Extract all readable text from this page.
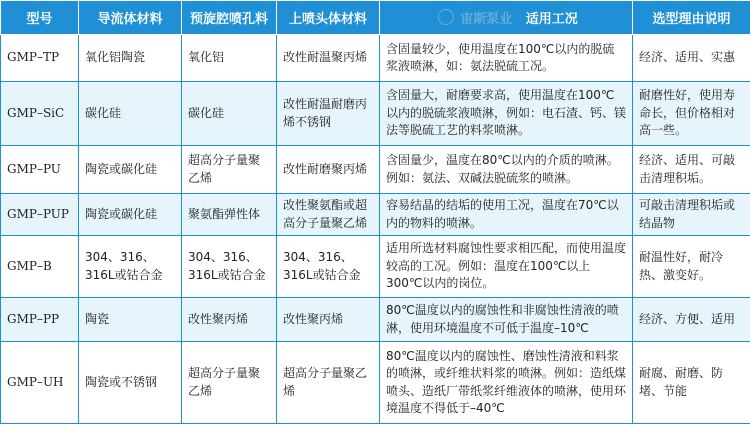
型号	导流体材料	预旋腔喷孔料	上喷头体材料	宙斯泵业 适用工况	选型理由说明
GMP–TP	氧化铝陶瓷	氧化铝	改性耐温聚丙烯	含固量较少，使用温度在100℃以内的脱硫浆液喷淋，如：氨法脱硫工况。	经济、适用、实惠
GMP–SiC	碳化硅	碳化硅	改性耐温耐磨丙烯不锈钢	含固量大，耐磨要求高，使用温度在100℃以内的脱硫浆液喷淋，例如：电石渣、钙、镁法等脱硫工艺的料浆喷淋。	耐磨性好，使用寿命长，但价格相对高一些。
GMP–PU	陶瓷或碳化硅	超高分子量聚乙烯	改性耐磨聚丙烯	含固量少，温度在80℃以内的介质的喷淋。例如：氨法、双碱法脱硫浆的喷淋。	经济、适用、可敲击清理积垢。
GMP–PUP	陶瓷或碳化硅	聚氨酯弹性体	改性聚氨酯或超高分子量聚乙烯	容易结晶的结垢的使用工况，温度在70℃以内的物料的喷淋。	可敲击清理积垢或结晶物
GMP–B	304、316、316L或钴合金	304、316、316L或钴合金	304、316、316L或钴合金	适用所选材料腐蚀性要求相匹配，而使用温度较高的工况。例如：温度在100℃以上300℃以内的岗位。	耐温性好，耐冷热、激变好。
GMP–PP	陶瓷	改性聚丙烯	改性聚丙烯	80℃温度以内的腐蚀性和非腐蚀性清液的喷淋，使用环境温度不可低于温度–10℃	经济、方便、适用
GMP–UH	陶瓷或不锈钢	超高分子量聚乙烯	超高分子量聚乙烯	80℃温度以内的腐蚀性、磨蚀性清液和料浆的喷淋，或纤维状料浆的喷淋。例如：造纸煤喷头、造纸厂带纸浆纤维液体的喷淋，使用环境温度不得低于–40℃	耐腐、耐磨、防堵、节能
